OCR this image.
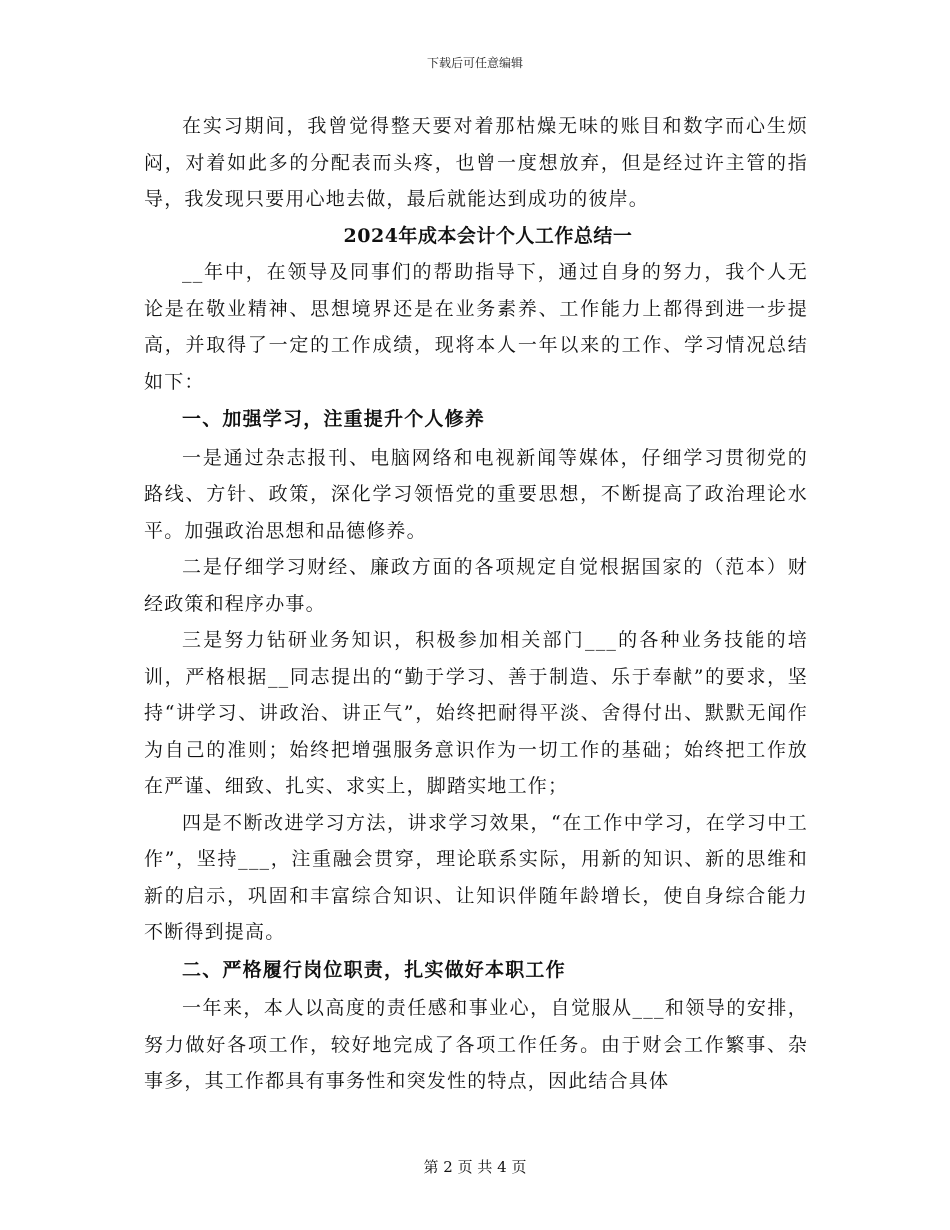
下载后可任意编辑

在实习期间，我曾觉得整天要对着那枯燥无味的账目和数字而心生烦闷，对着如此多的分配表而头疼，也曾一度想放弃，但是经过许主管的指导，我发现只要用心地去做，最后就能达到成功的彼岸。

2024年成本会计个人工作总结一

__年中，在领导及同事们的帮助指导下，通过自身的努力，我个人无论是在敬业精神、思想境界还是在业务素养、工作能力上都得到进一步提高，并取得了一定的工作成绩，现将本人一年以来的工作、学习情况总结如下：

一、加强学习，注重提升个人修养

一是通过杂志报刊、电脑网络和电视新闻等媒体，仔细学习贯彻党的路线、方针、政策，深化学习领悟党的重要思想，不断提高了政治理论水平。加强政治思想和品德修养。

二是仔细学习财经、廉政方面的各项规定自觉根据国家的（范本）财经政策和程序办事。

三是努力钻研业务知识，积极参加相关部门___的各种业务技能的培训，严格根据__同志提出的“勤于学习、善于制造、乐于奉献”的要求，坚持“讲学习、讲政治、讲正气”，始终把耐得平淡、舍得付出、默默无闻作为自己的准则；始终把增强服务意识作为一切工作的基础；始终把工作放在严谨、细致、扎实、求实上，脚踏实地工作；

四是不断改进学习方法，讲求学习效果，“在工作中学习，在学习中工作”，坚持___，注重融会贯穿，理论联系实际，用新的知识、新的思维和新的启示，巩固和丰富综合知识、让知识伴随年龄增长，使自身综合能力不断得到提高。

二、严格履行岗位职责，扎实做好本职工作

一年来，本人以高度的责任感和事业心，自觉服从___和领导的安排，努力做好各项工作，较好地完成了各项工作任务。由于财会工作繁事、杂事多，其工作都具有事务性和突发性的特点，因此结合具体

第 2 页 共 4 页
